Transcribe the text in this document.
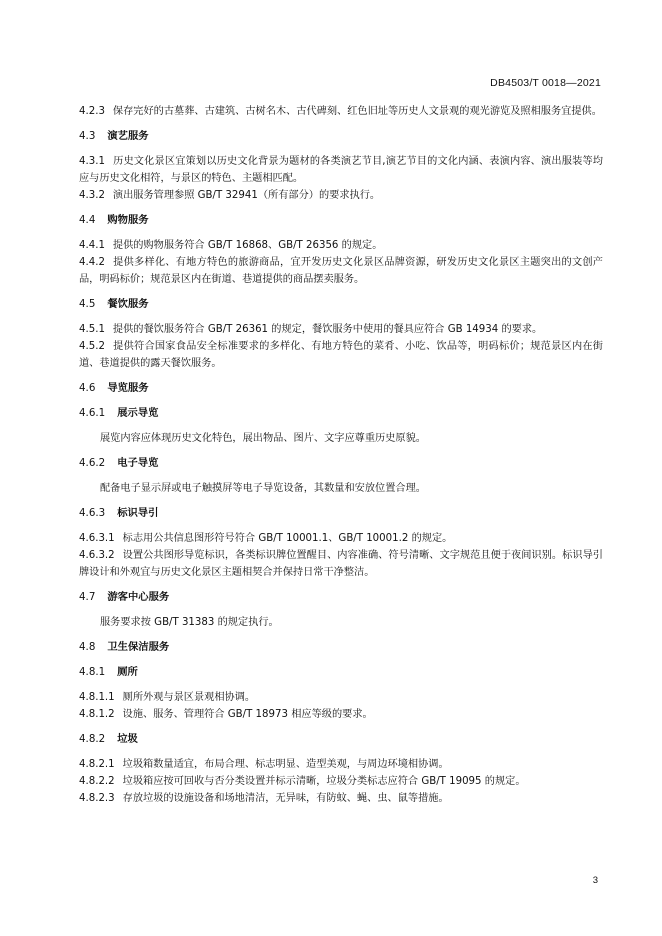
DB4503/T 0018—2021
4.2.3 保存完好的古墓葬、古建筑、古树名木、古代碑刻、红色旧址等历史人文景观的观光游览及照相服务宜提供。
4.3 演艺服务
4.3.1 历史文化景区宜策划以历史文化背景为题材的各类演艺节目,演艺节目的文化内涵、表演内容、演出服装等均应与历史文化相符，与景区的特色、主题相匹配。
4.3.2 演出服务管理参照 GB/T 32941（所有部分）的要求执行。
4.4 购物服务
4.4.1 提供的购物服务符合 GB/T 16868、GB/T 26356 的规定。
4.4.2 提供多样化、有地方特色的旅游商品，宜开发历史文化景区品牌资源，研发历史文化景区主题突出的文创产品，明码标价；规范景区内在街道、巷道提供的商品摆卖服务。
4.5 餐饮服务
4.5.1 提供的餐饮服务符合 GB/T 26361 的规定，餐饮服务中使用的餐具应符合 GB 14934 的要求。
4.5.2 提供符合国家食品安全标准要求的多样化、有地方特色的菜肴、小吃、饮品等，明码标价；规范景区内在街道、巷道提供的露天餐饮服务。
4.6 导览服务
4.6.1 展示导览
展览内容应体现历史文化特色，展出物品、图片、文字应尊重历史原貌。
4.6.2 电子导览
配备电子显示屏或电子触摸屏等电子导览设备，其数量和安放位置合理。
4.6.3 标识导引
4.6.3.1 标志用公共信息图形符号符合 GB/T 10001.1、GB/T 10001.2 的规定。
4.6.3.2 设置公共图形导览标识，各类标识牌位置醒目、内容准确、符号清晰、文字规范且便于夜间识别。标识导引牌设计和外观宜与历史文化景区主题相契合并保持日常干净整洁。
4.7 游客中心服务
服务要求按 GB/T 31383 的规定执行。
4.8 卫生保洁服务
4.8.1 厕所
4.8.1.1 厕所外观与景区景观相协调。
4.8.1.2 设施、服务、管理符合 GB/T 18973 相应等级的要求。
4.8.2 垃圾
4.8.2.1 垃圾箱数量适宜，布局合理、标志明显、造型美观，与周边环境相协调。
4.8.2.2 垃圾箱应按可回收与否分类设置并标示清晰，垃圾分类标志应符合 GB/T 19095 的规定。
4.8.2.3 存放垃圾的设施设备和场地清洁，无异味，有防蚊、蝇、虫、鼠等措施。
3
